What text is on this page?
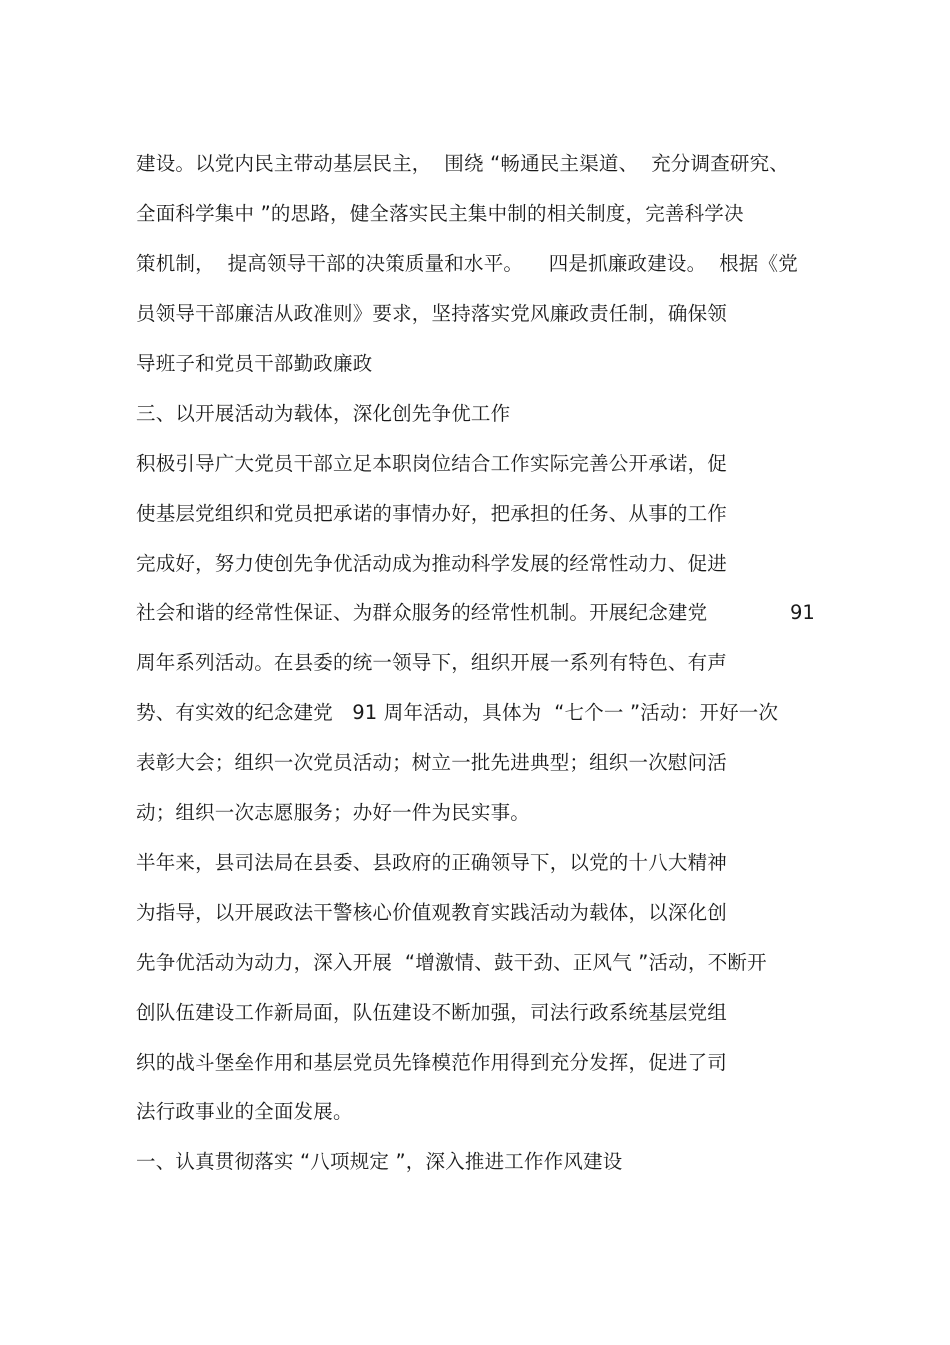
建设。以党内民主带动基层民主，  围绕 “畅通民主渠道、  充分调查研究、
全面科学集中 ”的思路，健全落实民主集中制的相关制度，完善科学决
策机制，  提高领导干部的决策质量和水平。    四是抓廉政建设。  根据《党
员领导干部廉洁从政准则》要求，坚持落实党风廉政责任制，确保领
导班子和党员干部勤政廉政
三、以开展活动为载体，深化创先争优工作
积极引导广大党员干部立足本职岗位结合工作实际完善公开承诺，促
使基层党组织和党员把承诺的事情办好，把承担的任务、从事的工作
完成好，努力使创先争优活动成为推动科学发展的经常性动力、促进
社会和谐的经常性保证、为群众服务的经常性机制。开展纪念建党	91
周年系列活动。在县委的统一领导下，组织开展一系列有特色、有声
势、有实效的纪念建党   91 周年活动，具体为  “七个一 ”活动：开好一次
表彰大会；组织一次党员活动；树立一批先进典型；组织一次慰问活
动；组织一次志愿服务；办好一件为民实事。
半年来，县司法局在县委、县政府的正确领导下，以党的十八大精神
为指导，以开展政法干警核心价值观教育实践活动为载体，以深化创
先争优活动为动力，深入开展  “增激情、鼓干劲、正风气 ”活动，不断开
创队伍建设工作新局面，队伍建设不断加强，司法行政系统基层党组
织的战斗堡垒作用和基层党员先锋模范作用得到充分发挥，促进了司
法行政事业的全面发展。
一、认真贯彻落实 “八项规定 ”，深入推进工作作风建设
